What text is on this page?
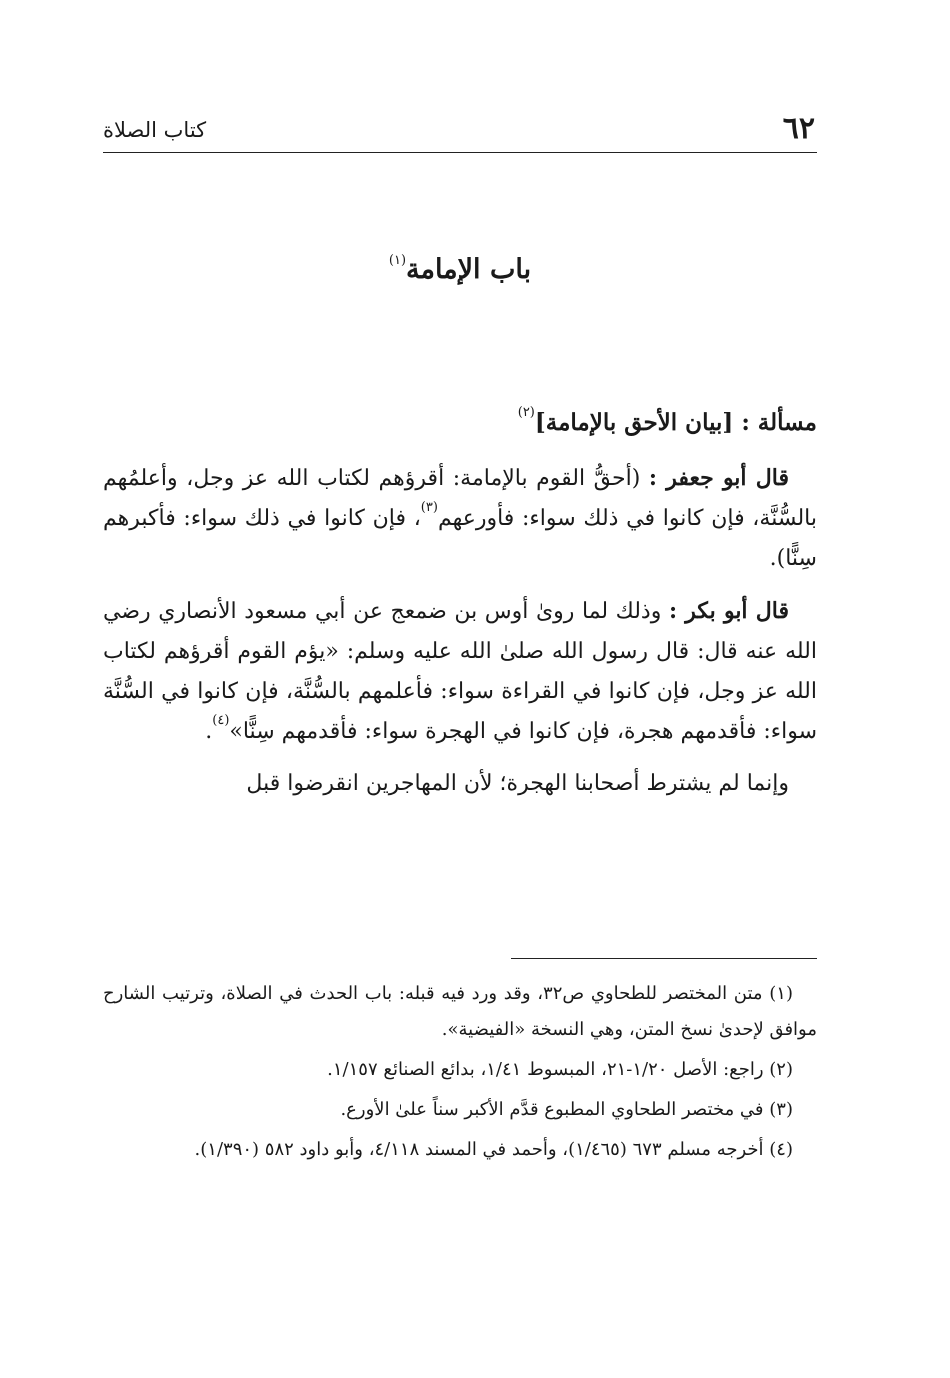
٦٢
كتاب الصلاة
باب الإمامة$^{(١)}$
مسألة : [بيان الأحق بالإمامة]$^{(٢)}$

قال أبو جعفر : (أحقُّ القوم بالإمامة: أقرؤهم لكتاب الله عز وجل، وأعلمُهم بالسُّنَّة، فإن كانوا في ذلك سواء: فأورعهم$^{(٣)}$، فإن كانوا في ذلك سواء: فأكبرهم سِنًّا).

قال أبو بكر : وذلك لما روىٰ أوس بن ضمعج عن أبي مسعود الأنصاري رضي الله عنه قال: قال رسول الله صلىٰ الله عليه وسلم: «يؤم القوم أقرؤهم لكتاب الله عز وجل، فإن كانوا في القراءة سواء: فأعلمهم بالسُّنَّة، فإن كانوا في السُّنَّة سواء: فأقدمهم هجرة، فإن كانوا في الهجرة سواء: فأقدمهم سِنًّا»$^{(٤)}$.

وإنما لم يشترط أصحابنا الهجرة؛ لأن المهاجرين انقرضوا قبل

(١) متن المختصر للطحاوي ص٣٢، وقد ورد فيه قبله: باب الحدث في الصلاة، وترتيب الشارح موافق لإحدىٰ نسخ المتن، وهي النسخة «الفيضية».

(٢) راجع: الأصل ١/٢٠-٢١، المبسوط ١/٤١، بدائع الصنائع ١/١٥٧.

(٣) في مختصر الطحاوي المطبوع قدَّم الأكبر سناً علىٰ الأورع.

(٤) أخرجه مسلم ٦٧٣ (١/٤٦٥)، وأحمد في المسند ٤/١١٨، وأبو داود ٥٨٢ (١/٣٩٠).
